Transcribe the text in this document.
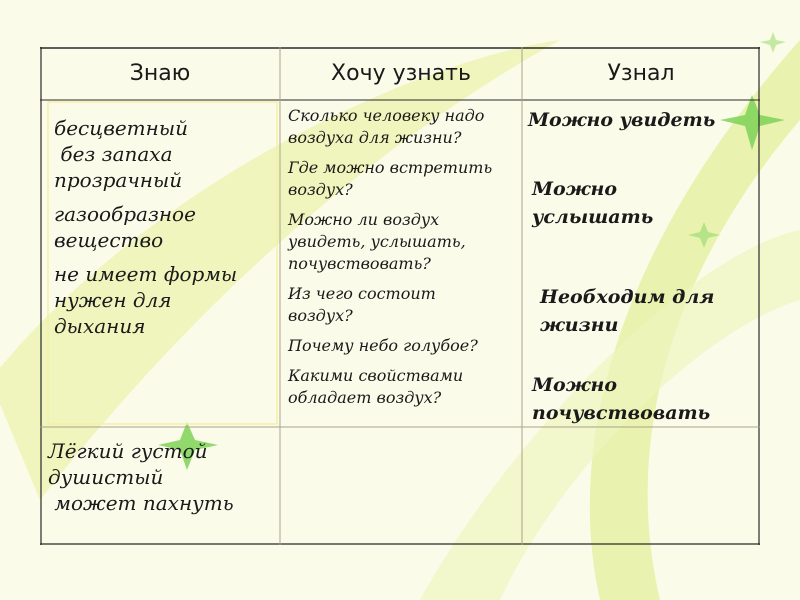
Знаю	Хочу узнать	Узнал
бесцветный
без запаха
прозрачный
газообразное
вещество
не имеет формы
нужен для
дыхания
Лёгкий густой
душистый
может пахнуть
Сколько человеку надо воздуха для жизни?
Где можно встретить воздух?
Можно ли воздух увидеть, услышать, почувствовать?
Из чего состоит воздух?
Почему небо голубое?
Какими свойствами обладает воздух?
Можно увидеть
Можно услышать
Необходим для жизни
Можно почувствовать
